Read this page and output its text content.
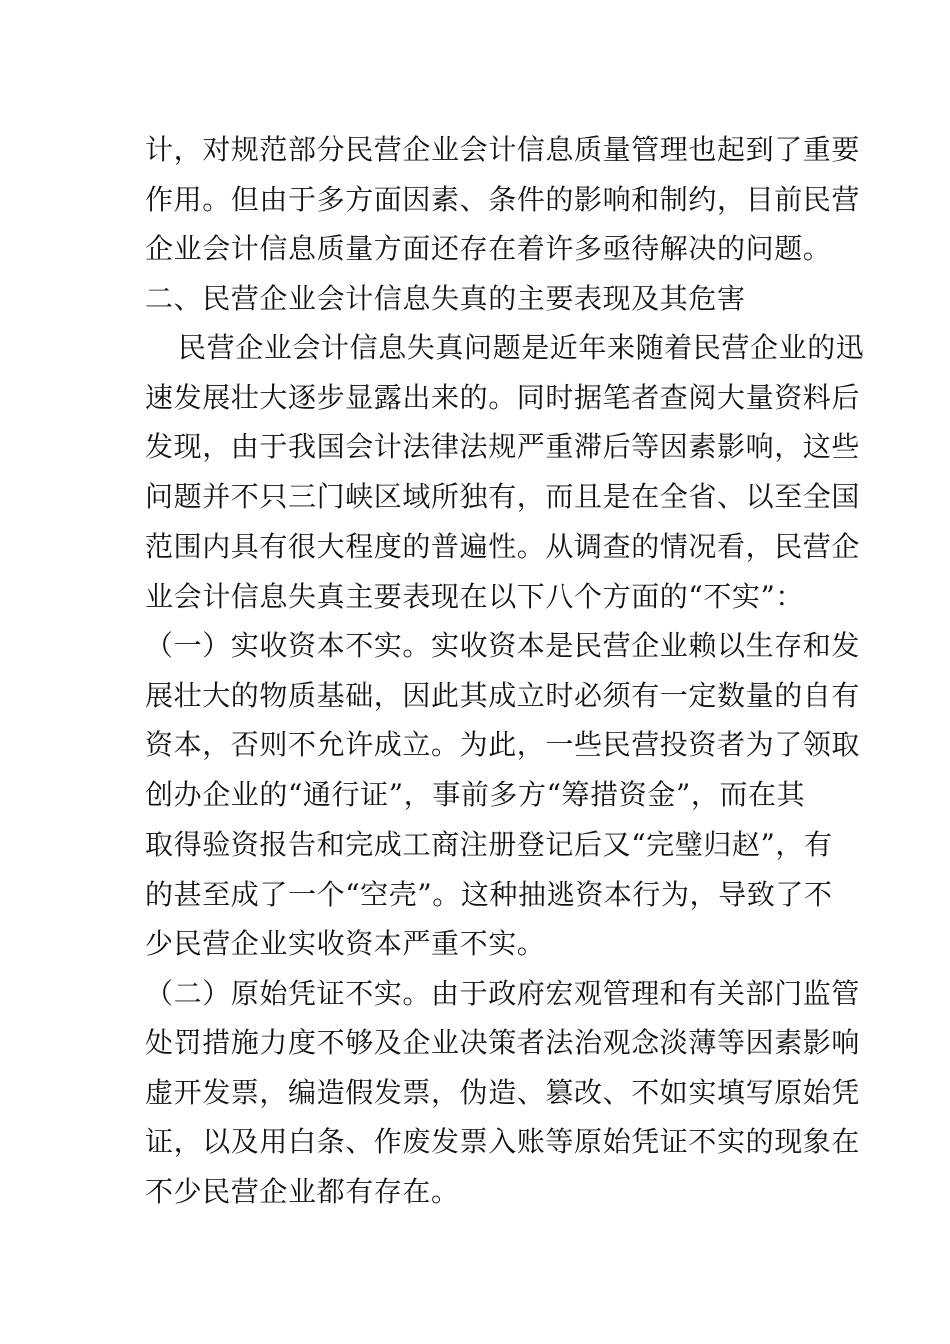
计，对规范部分民营企业会计信息质量管理也起到了重要
作用。但由于多方面因素、条件的影响和制约，目前民营
企业会计信息质量方面还存在着许多亟待解决的问题。
二、民营企业会计信息失真的主要表现及其危害
民营企业会计信息失真问题是近年来随着民营企业的迅
速发展壮大逐步显露出来的。同时据笔者查阅大量资料后
发现，由于我国会计法律法规严重滞后等因素影响，这些
问题并不只三门峡区域所独有，而且是在全省、以至全国
范围内具有很大程度的普遍性。从调查的情况看，民营企
业会计信息失真主要表现在以下八个方面的“不实”：
（一）实收资本不实。实收资本是民营企业赖以生存和发
展壮大的物质基础，因此其成立时必须有一定数量的自有
资本，否则不允许成立。为此，一些民营投资者为了领取
创办企业的“通行证”，事前多方“筹措资金”，而在其
取得验资报告和完成工商注册登记后又“完璧归赵”，有
的甚至成了一个“空壳”。这种抽逃资本行为，导致了不
少民营企业实收资本严重不实。
（二）原始凭证不实。由于政府宏观管理和有关部门监管
处罚措施力度不够及企业决策者法治观念淡薄等因素影响
虚开发票，编造假发票，伪造、篡改、不如实填写原始凭
证，以及用白条、作废发票入账等原始凭证不实的现象在
不少民营企业都有存在。
